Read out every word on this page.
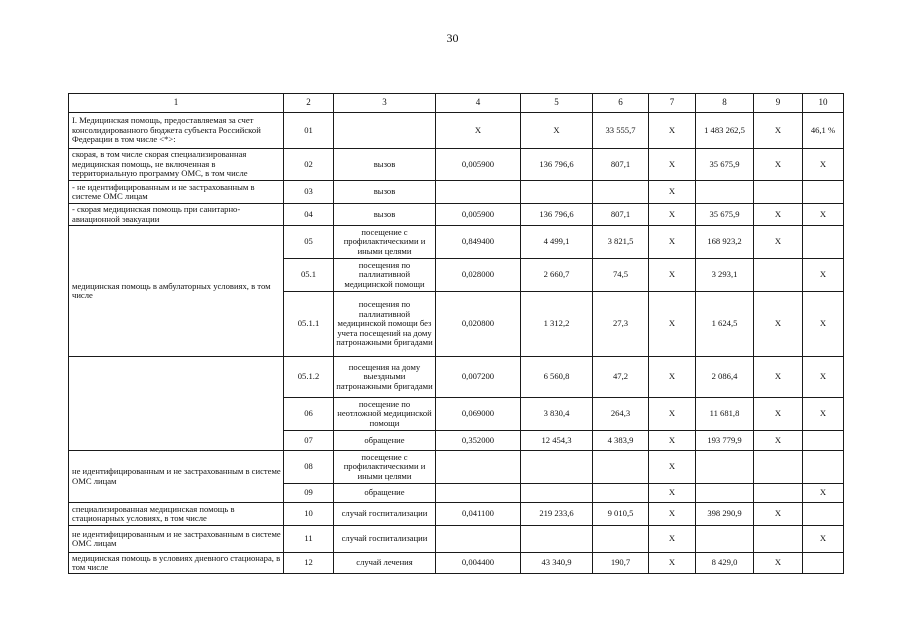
30
1	2	3	4	5	6	7	8	9	10
I. Медицинская помощь, предоставляемая за счет консолидированного бюджета субъекта Российской Федерации в том числе <*>:	01		Х	Х	33 555,7	Х	1 483 262,5	Х	46,1 %
скорая, в том числе скорая специализированная медицинская помощь, не включенная в территориальную программу ОМС, в том числе	02	вызов	0,005900	136 796,6	807,1	Х	35 675,9	Х	Х
- не идентифицированным и не застрахованным в системе ОМС лицам	03	вызов				Х			
- скорая медицинская помощь при санитарно-авиационной эвакуации	04	вызов	0,005900	136 796,6	807,1	Х	35 675,9	Х	Х
медицинская помощь в амбулаторных условиях, в том числе	05	посещение с профилактическими и иными целями	0,849400	4 499,1	3 821,5	Х	168 923,2	Х	
	05.1	посещения по паллиативной медицинской помощи	0,028000	2 660,7	74,5	Х	3 293,1		Х
	05.1.1	посещения по паллиативной медицинской помощи без учета посещений на дому патронажными бригадами	0,020800	1 312,2	27,3	Х	1 624,5	Х	Х
	05.1.2	посещения на дому выездными патронажными бригадами	0,007200	6 560,8	47,2	Х	2 086,4	Х	Х
	06	посещение по неотложной медицинской помощи	0,069000	3 830,4	264,3	Х	11 681,8	Х	Х
	07	обращение	0,352000	12 454,3	4 383,9	Х	193 779,9	Х	
не идентифицированным и не застрахованным в системе ОМС лицам	08	посещение с профилактическими и иными целями				Х			
	09	обращение				Х			Х
специализированная медицинская помощь в стационарных условиях, в том числе	10	случай госпитализации	0,041100	219 233,6	9 010,5	Х	398 290,9	Х	
не идентифицированным и не застрахованным в системе ОМС лицам	11	случай госпитализации				Х			Х
медицинская помощь в условиях дневного стационара, в том числе	12	случай лечения	0,004400	43 340,9	190,7	Х	8 429,0	Х	
